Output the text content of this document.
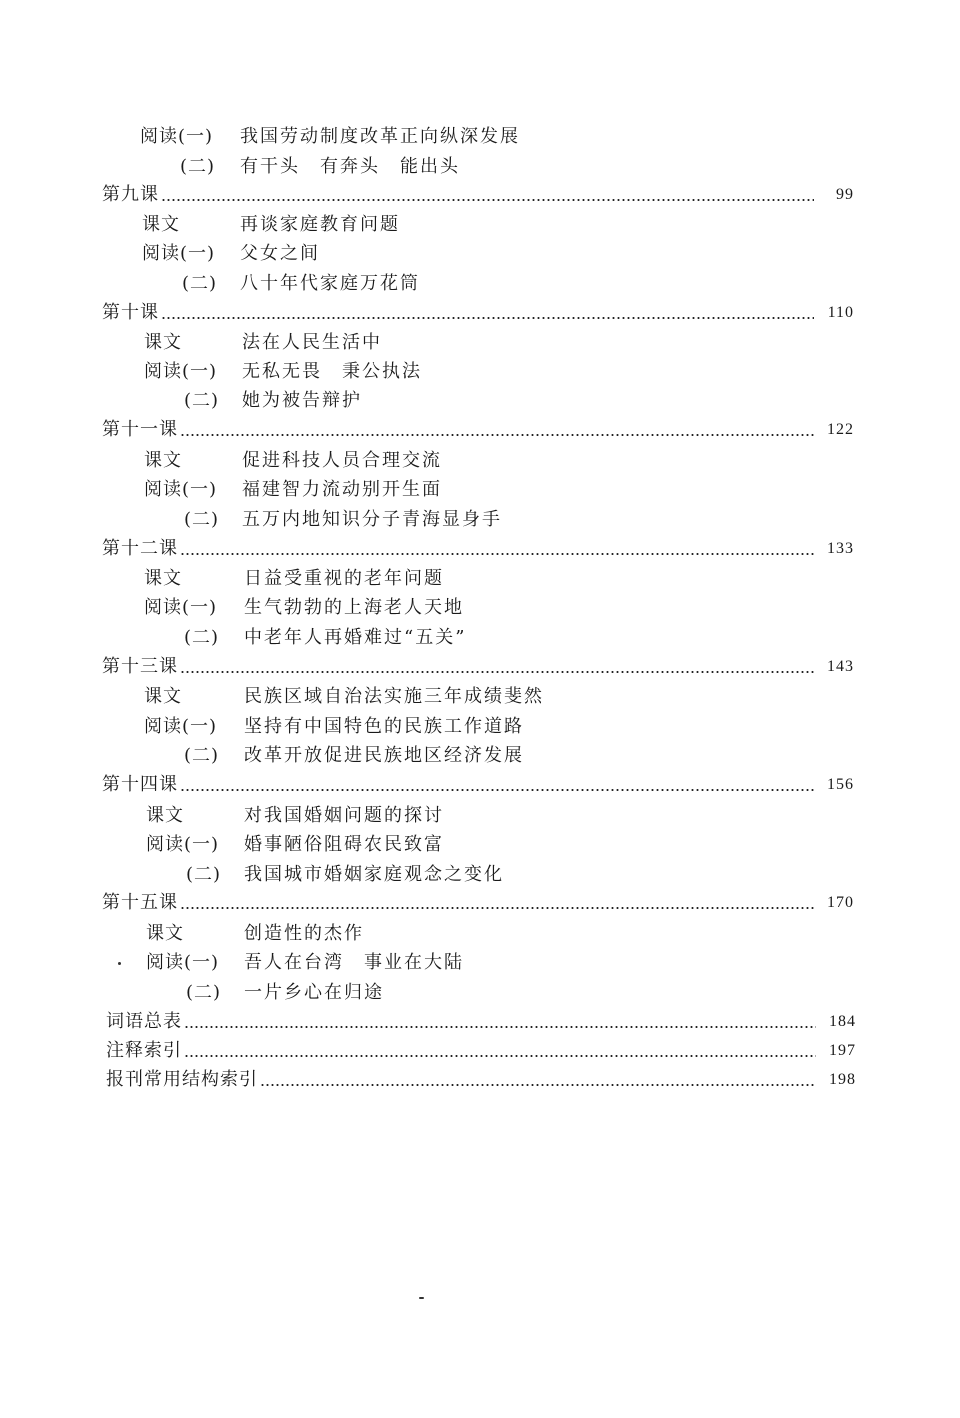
阅读(一) 我国劳动制度改革正向纵深发展
(二) 有干头　有奔头　能出头
第九课	99
课文	再谈家庭教育问题
阅读(一) 父女之间
(二) 八十年代家庭万花筒
第十课	110
课文	法在人民生活中
阅读(一) 无私无畏　秉公执法
(二) 她为被告辩护
第十一课	122
课文	促进科技人员合理交流
阅读(一) 福建智力流动别开生面
(二) 五万内地知识分子青海显身手
第十二课	133
课文	日益受重视的老年问题
阅读(一) 生气勃勃的上海老人天地
(二) 中老年人再婚难过“五关”
第十三课	143
课文	民族区域自治法实施三年成绩斐然
阅读(一) 坚持有中国特色的民族工作道路
(二) 改革开放促进民族地区经济发展
第十四课	156
课文	对我国婚姻问题的探讨
阅读(一) 婚事陋俗阻碍农民致富
(二) 我国城市婚姻家庭观念之变化
第十五课	170
课文	创造性的杰作
阅读(一) 吾人在台湾　事业在大陆
(二) 一片乡心在归途
词语总表	184
注释索引	197
报刊常用结构索引	198
